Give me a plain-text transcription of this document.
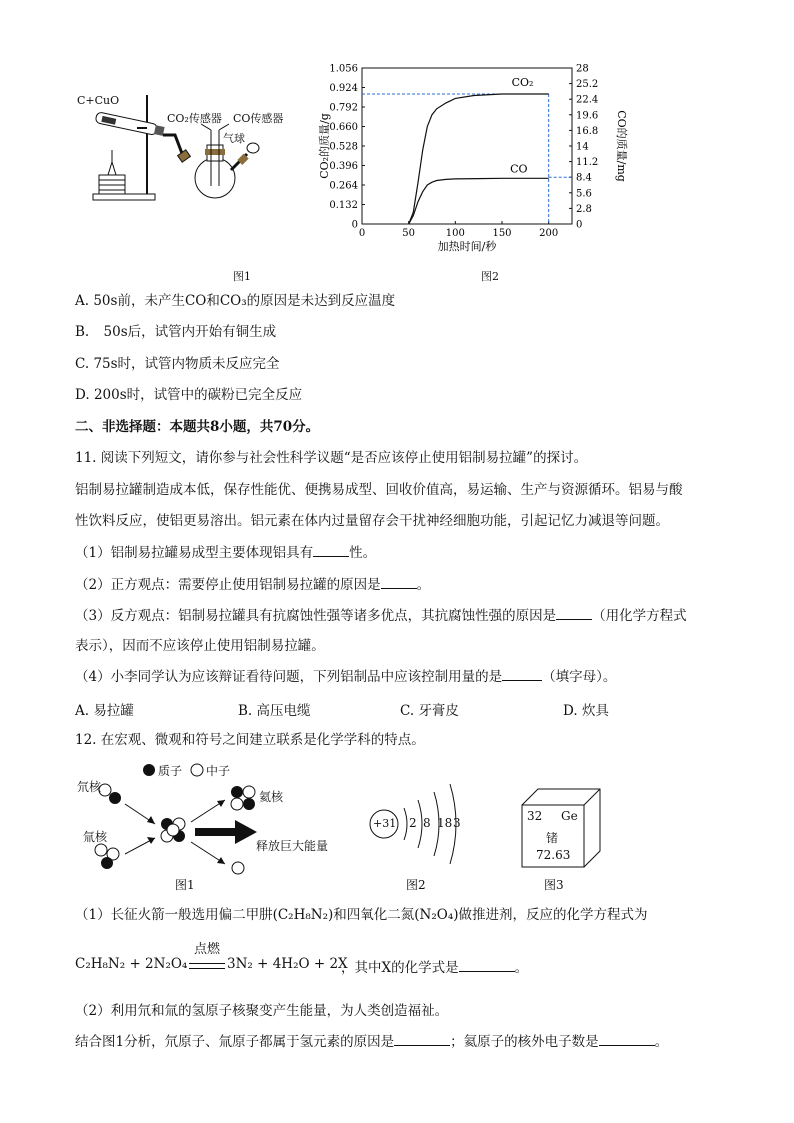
C+CuO
CO₂传感器 CO传感器
气球
图1
0	50	100	150	200
0
0.132
0.264
0.396
0.528
0.660
0.792
0.924
1.056
0
2.8
5.6
8.4
11.2
14
16.8
19.6
22.4
25.2
28
加热时间/秒
CO₂的质量/g	CO的质量/mg
CO₂
CO
图2
A. 50s前，未产生CO和CO₃的原因是未达到反应温度
B. 50s后，试管内开始有铜生成
C. 75s时，试管内物质未反应完全
D. 200s时，试管中的碳粉已完全反应
二、非选择题：本题共8小题，共70分。
11. 阅读下列短文，请你参与社会性科学议题“是否应该停止使用铝制易拉罐”的探讨。
铝制易拉罐制造成本低，保存性能优、便携易成型、回收价值高，易运输、生产与资源循环。铝易与酸
性饮料反应，使铝更易溶出。铝元素在体内过量留存会干扰神经细胞功能，引起记忆力减退等问题。
（1）铝制易拉罐易成型主要体现铝具有	性。
（2）正方观点：需要停止使用铝制易拉罐的原因是	。
（3）反方观点：铝制易拉罐具有抗腐蚀性强等诸多优点，其抗腐蚀性强的原因是	（用化学方程式
表示），因而不应该停止使用铝制易拉罐。
（4）小李同学认为应该辩证看待问题，下列铝制品中应该控制用量的是	（填字母）。
A. 易拉罐	B. 高压电缆	C. 牙膏皮	D. 炊具
12. 在宏观、微观和符号之间建立联系是化学学科的特点。
质子 中子
氘核
氚核
氦核
释放巨大能量
图1
+31 2 8 18 3
图2
32 Ge
锗
72.63
图3
（1）长征火箭一般选用偏二甲肼(C₂H₈N₂)和四氧化二氮(N₂O₄)做推进剂，反应的化学方程式为
C₂H₈N₂ + 2N₂O₄
点燃
3N₂ + 4H₂O + 2X
，其中X的化学式是	。
（2）利用氘和氚的氢原子核聚变产生能量，为人类创造福祉。
结合图1分析，氘原子、氚原子都属于氢元素的原因是	；氦原子的核外电子数是	。
